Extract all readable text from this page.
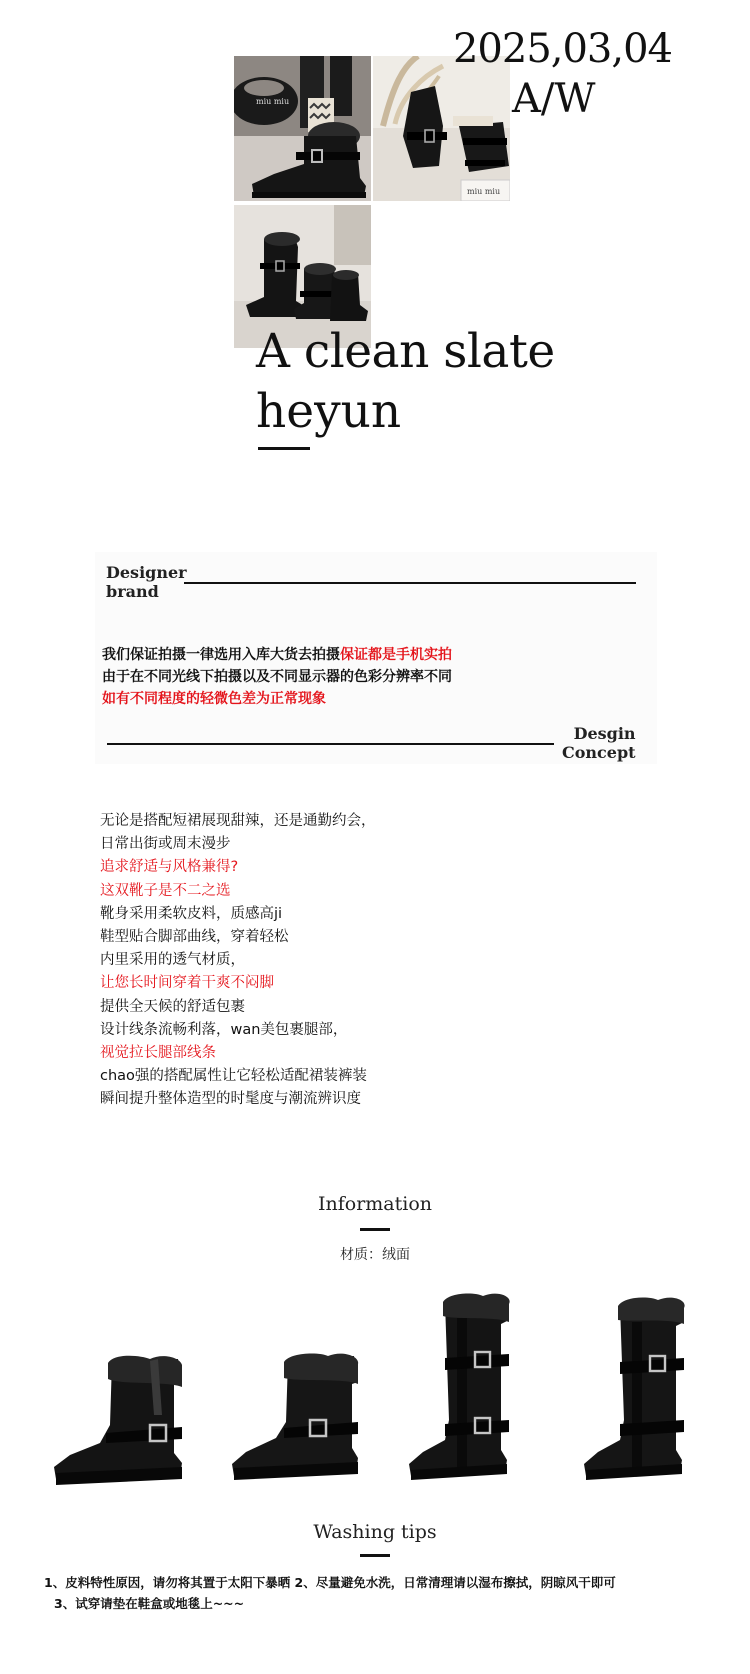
miu miu
miu miu
2025,03,04
A/W
A clean slate
heyun
Designer
brand
我们保证拍摄一律选用入库大货去拍摄保证都是手机实拍
由于在不同光线下拍摄以及不同显示器的色彩分辨率不同
如有不同程度的轻微色差为正常现象
Desgin
Concept
无论是搭配短裙展现甜辣，还是通勤约会，
日常出街或周末漫步
追求舒适与风格兼得?
这双靴子是不二之选
靴身采用柔软皮料，质感高ji
鞋型贴合脚部曲线，穿着轻松
内里采用的透气材质，
让您长时间穿着干爽不闷脚
提供全天候的舒适包裹
设计线条流畅利落，wan美包裹腿部，
视觉拉长腿部线条
chao强的搭配属性让它轻松适配裙装裤装
瞬间提升整体造型的时髦度与潮流辨识度
Information
材质：绒面
Washing tips
1、皮料特性原因，请勿将其置于太阳下暴晒 2、尽量避免水洗，日常清理请以湿布擦拭，阴晾风干即可
3、试穿请垫在鞋盒或地毯上~~~
